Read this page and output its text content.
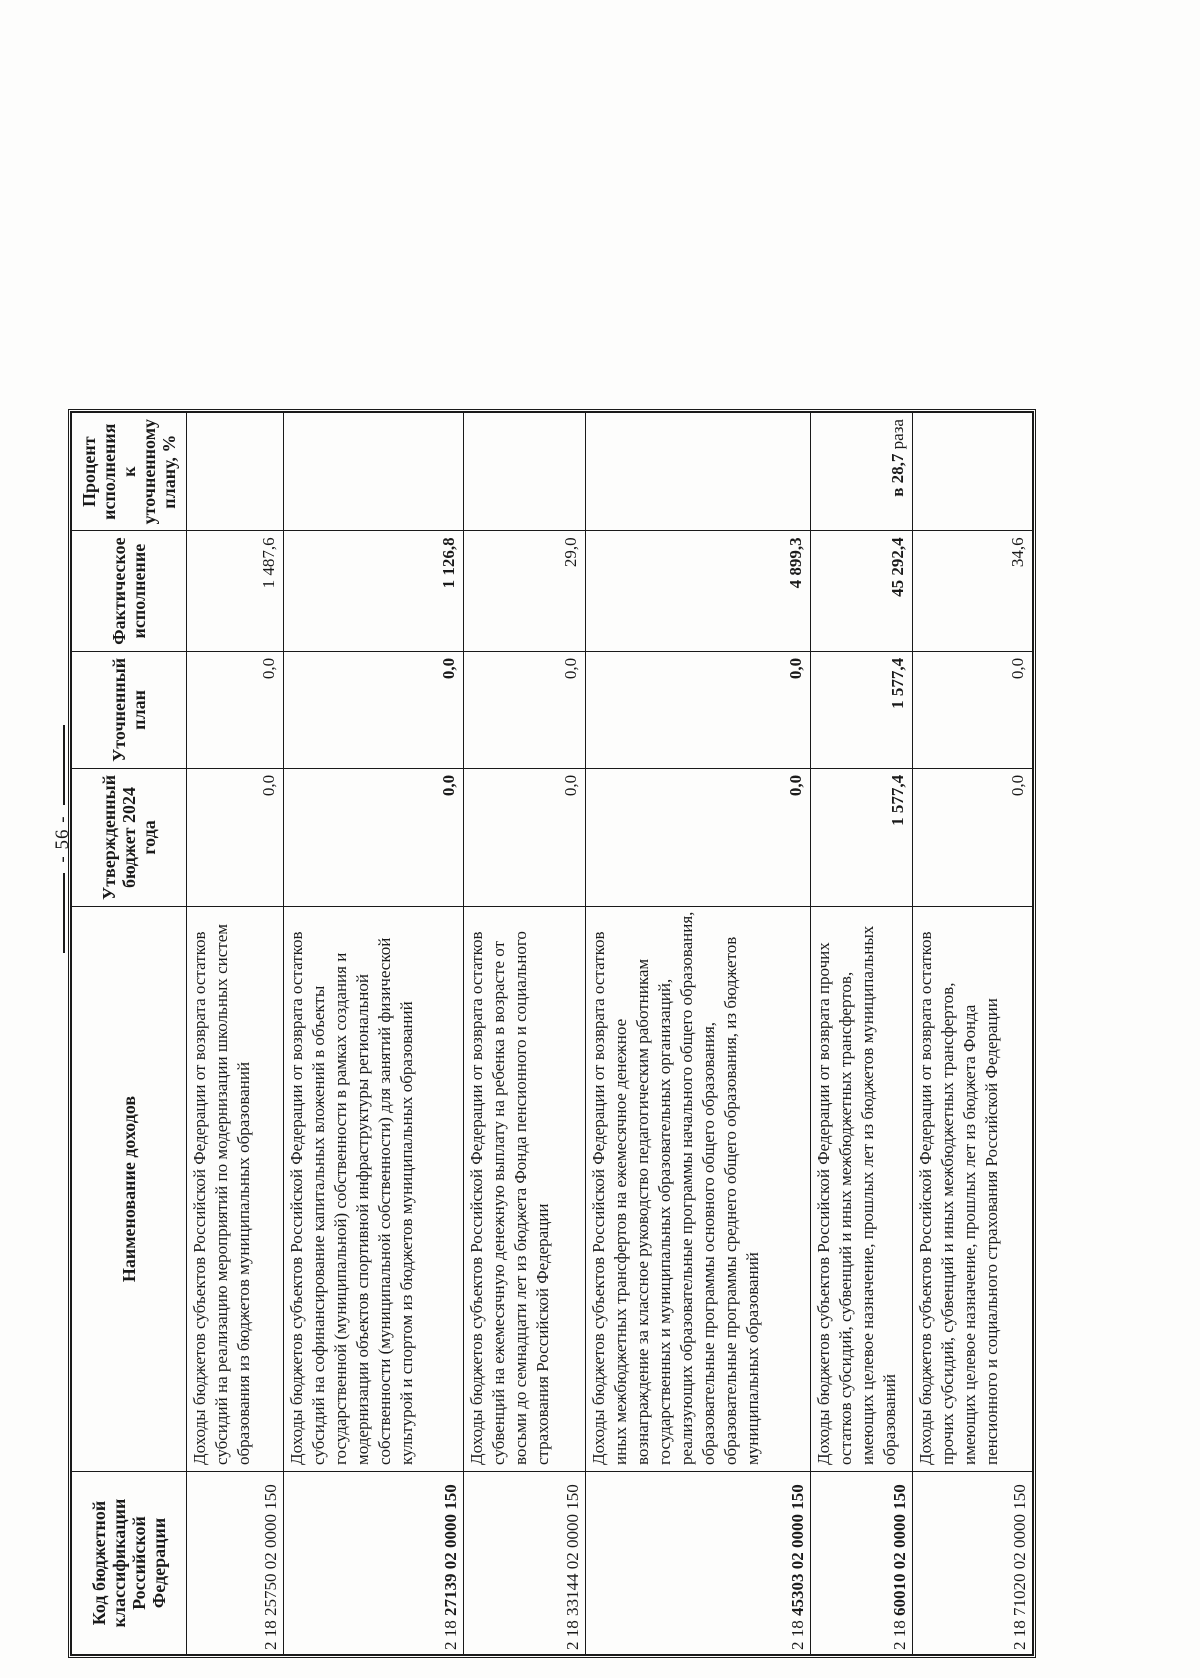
- 56 -
Код бюджетной классификации Российской Федерации	Наименование доходов	Утвержденный бюджет 2024 года	Уточненный план	Фактическое исполнение	Процент исполнения к уточненному плану, %
2 18 25750 02 0000 150	Доходы бюджетов субъектов Российской Федерации от возврата остатков субсидий на реализацию мероприятий по модернизации школьных систем образования из бюджетов муниципальных образований	0,0	0,0	1 487,6	
2 18 27139 02 0000 150	Доходы бюджетов субъектов Российской Федерации от возврата остатков субсидий на софинансирование капитальных вложений в объекты государственной (муниципальной) собственности в рамках создания и модернизации объектов спортивной инфраструктуры региональной собственности (муниципальной собственности) для занятий физической культурой и спортом из бюджетов муниципальных образований	0,0	0,0	1 126,8	
2 18 33144 02 0000 150	Доходы бюджетов субъектов Российской Федерации от возврата остатков субвенций на ежемесячную денежную выплату на ребенка в возрасте от восьми до семнадцати лет из бюджета Фонда пенсионного и социального страхования Российской Федерации	0,0	0,0	29,0	
2 18 45303 02 0000 150	Доходы бюджетов субъектов Российской Федерации от возврата остатков иных межбюджетных трансфертов на ежемесячное денежное вознаграждение за классное руководство педагогическим работникам государственных и муниципальных образовательных организаций, реализующих образовательные программы начального общего образования, образовательные программы основного общего образования, образовательные программы среднего общего образования, из бюджетов муниципальных образований	0,0	0,0	4 899,3	
2 18 60010 02 0000 150	Доходы бюджетов субъектов Российской Федерации от возврата прочих остатков субсидий, субвенций и иных межбюджетных трансфертов, имеющих целевое назначение, прошлых лет из бюджетов муниципальных образований	1 577,4	1 577,4	45 292,4	в 28,7 раза
2 18 71020 02 0000 150	Доходы бюджетов субъектов Российской Федерации от возврата остатков прочих субсидий, субвенций и иных межбюджетных трансфертов, имеющих целевое назначение, прошлых лет из бюджета Фонда пенсионного и социального страхования Российской Федерации	0,0	0,0	34,6	
